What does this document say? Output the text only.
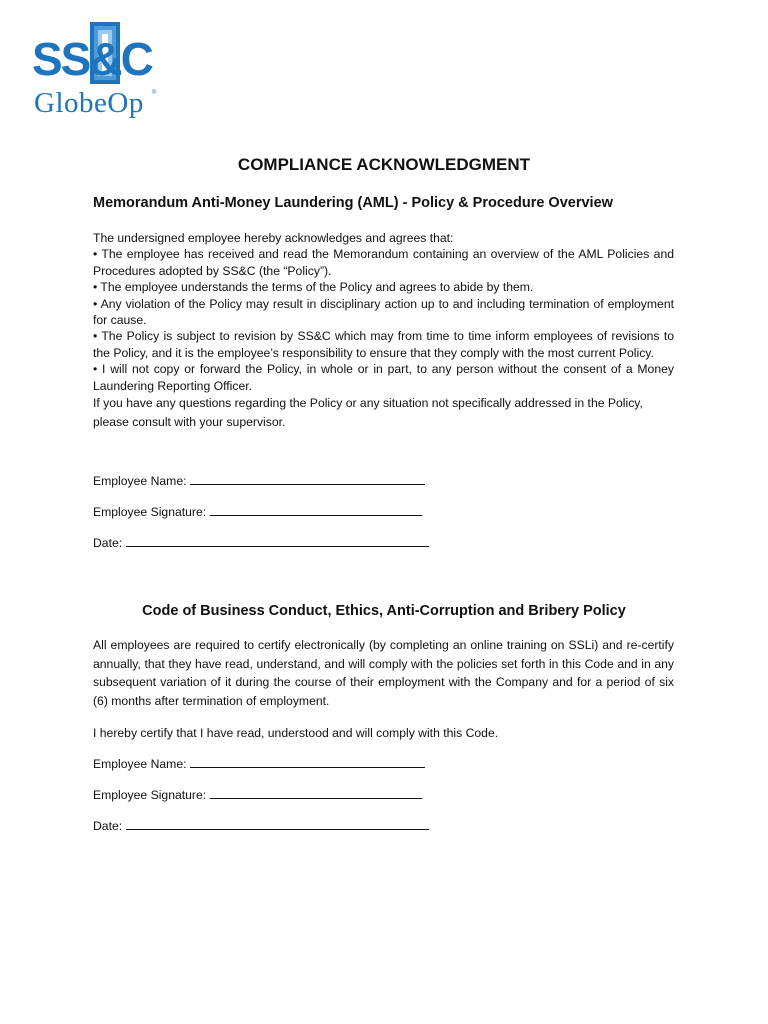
SS&C
GlobeOp ®
COMPLIANCE ACKNOWLEDGMENT
Memorandum Anti-Money Laundering (AML) - Policy & Procedure Overview

The undersigned employee hereby acknowledges and agrees that:

• The employee has received and read the Memorandum containing an overview of the AML Policies and Procedures adopted by SS&C (the “Policy”).

• The employee understands the terms of the Policy and agrees to abide by them.

• Any violation of the Policy may result in disciplinary action up to and including termination of employment for cause.

• The Policy is subject to revision by SS&C which may from time to time inform employees of revisions to the Policy, and it is the employee’s responsibility to ensure that they comply with the most current Policy.

• I will not copy or forward the Policy, in whole or in part, to any person without the consent of a Money Laundering Reporting Officer.

If you have any questions regarding the Policy or any situation not specifically addressed in the Policy, please consult with your supervisor.

Employee Name:
Employee Signature:
Date:
Code of Business Conduct, Ethics, Anti-Corruption and Bribery Policy
All employees are required to certify electronically (by completing an online training on SSLi) and re-certify annually, that they have read, understand, and will comply with the policies set forth in this Code and in any subsequent variation of it during the course of their employment with the Company and for a period of six (6) months after termination of employment.
I hereby certify that I have read, understood and will comply with this Code.
Employee Name:
Employee Signature:
Date:
